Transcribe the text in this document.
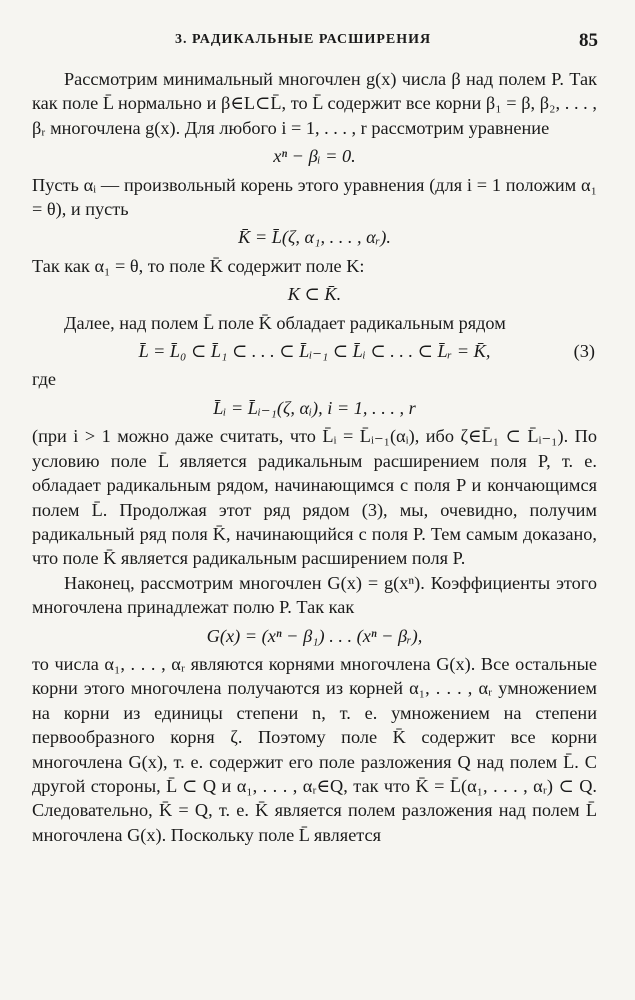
3. РАДИКАЛЬНЫЕ РАСШИРЕНИЯ	85

Рассмотрим минимальный многочлен g(x) числа β над полем P. Так как поле L̄ нормально и β∈L⊂L̄, то L̄ содержит все корни β₁ = β, β₂, . . . , βᵣ многочлена g(x). Для любого i = 1, . . . , r рассмотрим уравнение

xⁿ − βᵢ = 0.

Пусть αᵢ — произвольный корень этого уравнения (для i = 1 положим α₁ = θ), и пусть

K̄ = L̄(ζ, α₁, . . . , αᵣ).

Так как α₁ = θ, то поле K̄ содержит поле K:

K ⊂ K̄.

Далее, над полем L̄ поле K̄ обладает радикальным рядом

L̄ = L̄₀ ⊂ L̄₁ ⊂ . . . ⊂ L̄ᵢ₋₁ ⊂ L̄ᵢ ⊂ . . . ⊂ L̄ᵣ = K̄,	(3)

где

L̄ᵢ = L̄ᵢ₋₁(ζ, αᵢ), i = 1, . . . , r

(при i > 1 можно даже считать, что L̄ᵢ = L̄ᵢ₋₁(αᵢ), ибо ζ∈L̄₁ ⊂ L̄ᵢ₋₁). По условию поле L̄ является радикальным расширением поля P, т. е. обладает радикальным рядом, начинающимся с поля P и кончающимся полем L̄. Продолжая этот ряд рядом (3), мы, очевидно, получим радикальный ряд поля K̄, начинающийся с поля P. Тем самым доказано, что поле K̄ является радикальным расширением поля P.

Наконец, рассмотрим многочлен G(x) = g(xⁿ). Коэффициенты этого многочлена принадлежат полю P. Так как

G(x) = (xⁿ − β₁) . . . (xⁿ − βᵣ),

то числа α₁, . . . , αᵣ являются корнями многочлена G(x). Все остальные корни этого многочлена получаются из корней α₁, . . . , αᵣ умножением на корни из единицы степени n, т. е. умножением на степени первообразного корня ζ. Поэтому поле K̄ содержит все корни многочлена G(x), т. е. содержит его поле разложения Q над полем L̄. С другой стороны, L̄ ⊂ Q и α₁, . . . , αᵣ∈Q, так что K̄ = L̄(α₁, . . . , αᵣ) ⊂ Q. Следовательно, K̄ = Q, т. е. K̄ является полем разложения над полем L̄ многочлена G(x). Поскольку поле L̄ является
